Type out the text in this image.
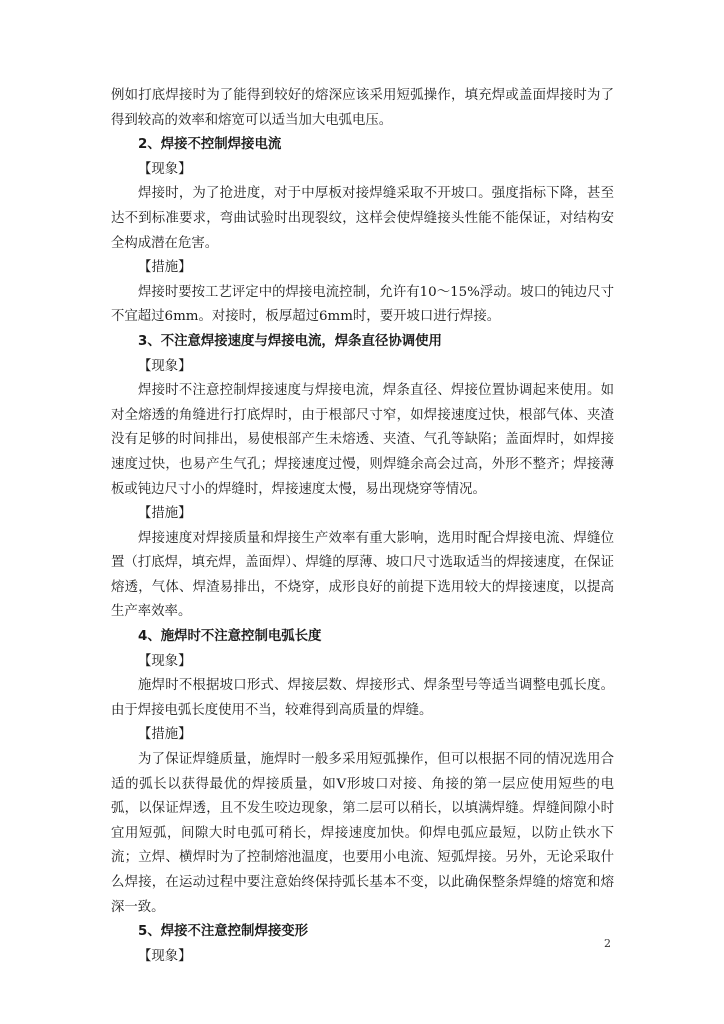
例如打底焊接时为了能得到较好的熔深应该采用短弧操作，填充焊或盖面焊接时为了得到较高的效率和熔宽可以适当加大电弧电压。

2、焊接不控制焊接电流
【现象】

焊接时，为了抢进度，对于中厚板对接焊缝采取不开坡口。强度指标下降，甚至达不到标准要求，弯曲试验时出现裂纹，这样会使焊缝接头性能不能保证，对结构安全构成潜在危害。

【措施】

焊接时要按工艺评定中的焊接电流控制，允许有10～15%浮动。坡口的钝边尺寸不宜超过6mm。对接时，板厚超过6mm时，要开坡口进行焊接。

3、不注意焊接速度与焊接电流，焊条直径协调使用
【现象】

焊接时不注意控制焊接速度与焊接电流，焊条直径、焊接位置协调起来使用。如对全熔透的角缝进行打底焊时，由于根部尺寸窄，如焊接速度过快，根部气体、夹渣没有足够的时间排出，易使根部产生未熔透、夹渣、气孔等缺陷；盖面焊时，如焊接速度过快，也易产生气孔；焊接速度过慢，则焊缝余高会过高，外形不整齐；焊接薄板或钝边尺寸小的焊缝时，焊接速度太慢，易出现烧穿等情况。

【措施】

焊接速度对焊接质量和焊接生产效率有重大影响，选用时配合焊接电流、焊缝位置（打底焊，填充焊，盖面焊）、焊缝的厚薄、坡口尺寸选取适当的焊接速度，在保证熔透，气体、焊渣易排出，不烧穿，成形良好的前提下选用较大的焊接速度，以提高生产率效率。

4、施焊时不注意控制电弧长度
【现象】

施焊时不根据坡口形式、焊接层数、焊接形式、焊条型号等适当调整电弧长度。由于焊接电弧长度使用不当，较难得到高质量的焊缝。

【措施】

为了保证焊缝质量，施焊时一般多采用短弧操作，但可以根据不同的情况选用合适的弧长以获得最优的焊接质量，如Ⅴ形坡口对接、角接的第一层应使用短些的电弧，以保证焊透，且不发生咬边现象，第二层可以稍长，以填满焊缝。焊缝间隙小时宜用短弧，间隙大时电弧可稍长，焊接速度加快。仰焊电弧应最短，以防止铁水下流；立焊、横焊时为了控制熔池温度，也要用小电流、短弧焊接。另外，无论采取什么焊接，在运动过程中要注意始终保持弧长基本不变，以此确保整条焊缝的熔宽和熔深一致。

5、焊接不注意控制焊接变形
【现象】
2
